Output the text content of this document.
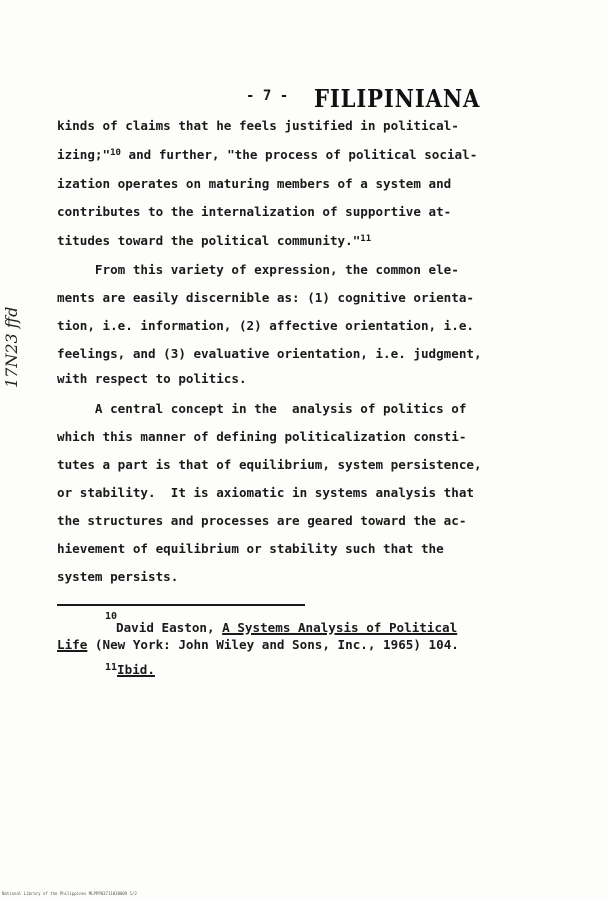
- 7 - FILIPINIANA
17N23 ffd
kinds of claims that he feels justified in political-
izing;"$^{10}$ and further, "the process of political social-
ization operates on maturing members of a system and
contributes to the internalization of supportive at-
titudes toward the political community."$^{11}$
From this variety of expression, the common ele-
ments are easily discernible as: (1) cognitive orienta-
tion, i.e. information, (2) affective orientation, i.e.
feelings, and (3) evaluative orientation, i.e. judgment,
with respect to politics.
A central concept in the  analysis of politics of
which this manner of defining politicalization consti-
tutes a part is that of equilibrium, system persistence,
or stability.  It is axiomatic in systems analysis that
the structures and processes are geared toward the ac-
hievement of equilibrium or stability such that the
system persists.
10
David Easton, A Systems Analysis of Political
Life (New York: John Wiley and Sons, Inc., 1965) 104.
11Ibid.
National Library of the Philippines MLPPP03711030009 1/2
